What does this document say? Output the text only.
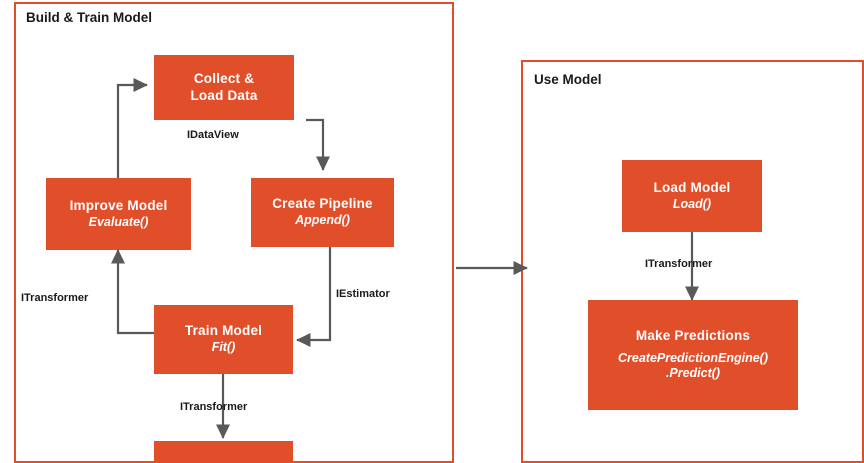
Build & Train Model
Use Model
Collect &
Load Data
Improve Model
Evaluate()
Create Pipeline
Append()
Train Model
Fit()
Load Model
Load()
Make Predictions
CreatePredictionEngine()
.Predict()
IDataView
IEstimator
ITransformer
ITransformer
ITransformer
